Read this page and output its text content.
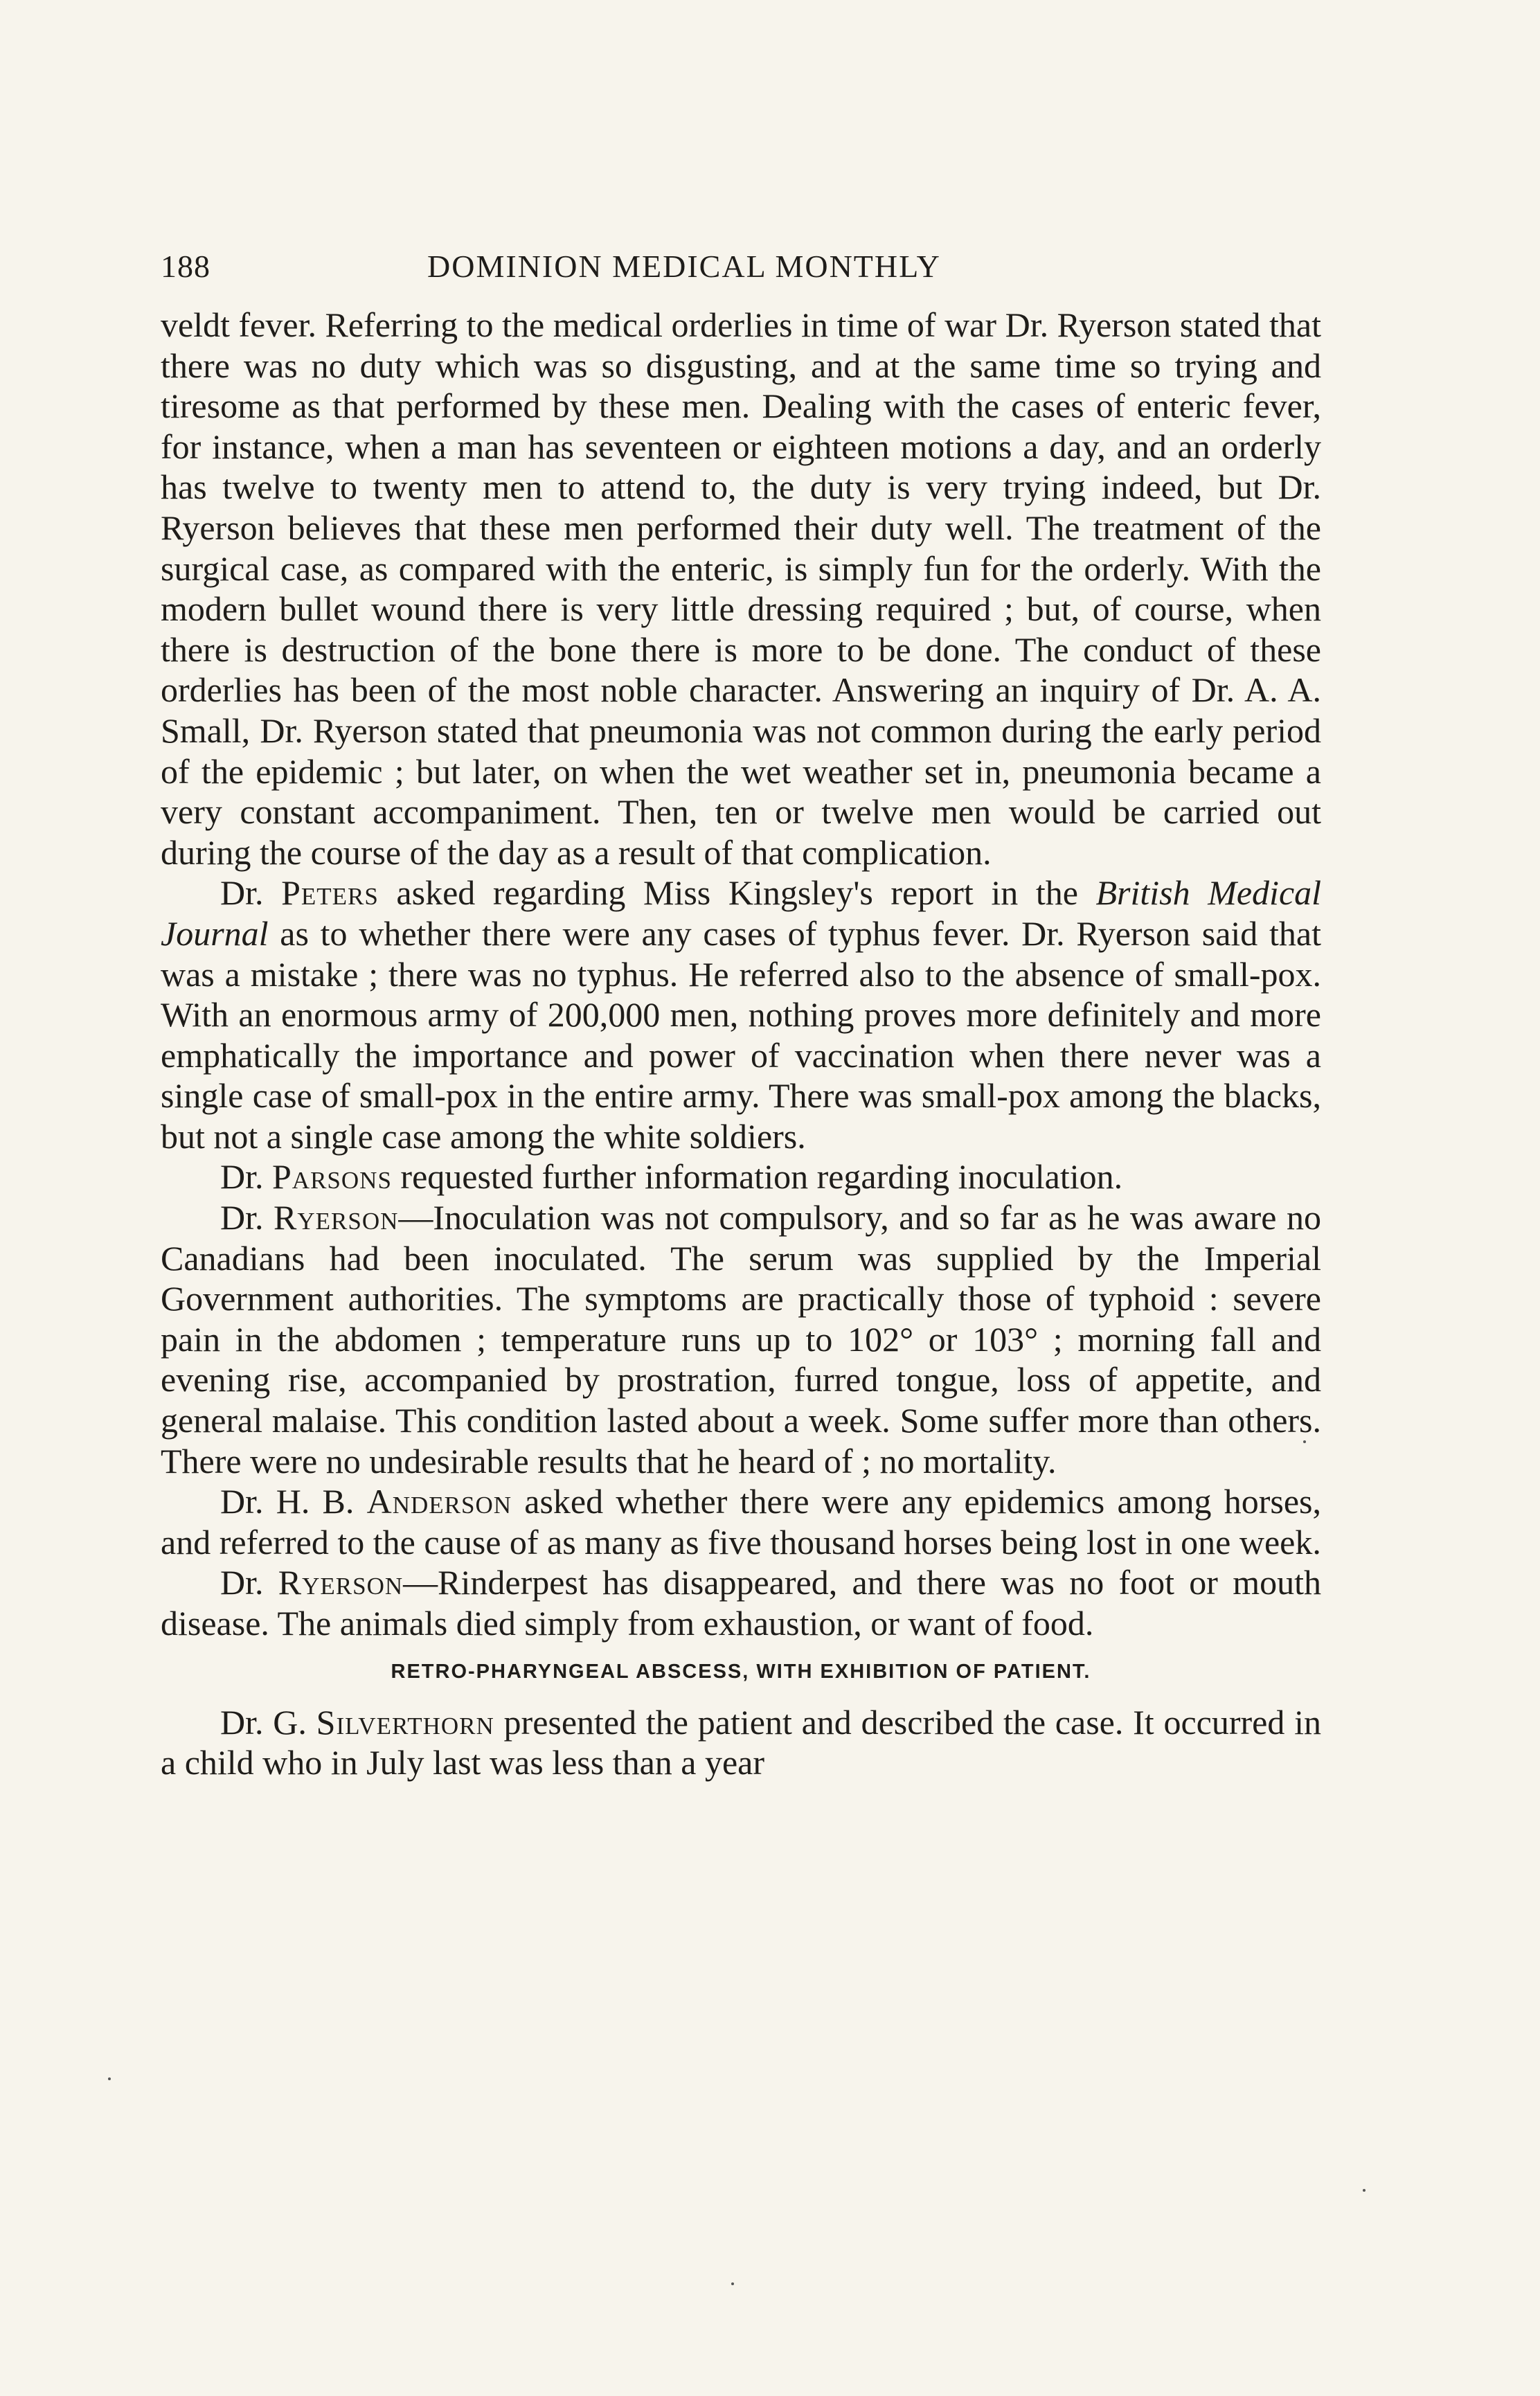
188	DOMINION MEDICAL MONTHLY

veldt fever. Referring to the medical orderlies in time of war Dr. Ryerson stated that there was no duty which was so disgusting, and at the same time so trying and tiresome as that performed by these men. Dealing with the cases of enteric fever, for instance, when a man has seventeen or eighteen motions a day, and an orderly has twelve to twenty men to attend to, the duty is very trying indeed, but Dr. Ryerson believes that these men performed their duty well. The treatment of the surgical case, as compared with the enteric, is simply fun for the orderly. With the modern bullet wound there is very little dressing required ; but, of course, when there is destruction of the bone there is more to be done. The conduct of these orderlies has been of the most noble character. Answering an inquiry of Dr. A. A. Small, Dr. Ryerson stated that pneumonia was not common during the early period of the epidemic ; but later, on when the wet weather set in, pneumonia became a very constant accompaniment. Then, ten or twelve men would be carried out during the course of the day as a result of that complication.

Dr. Peters asked regarding Miss Kingsley's report in the British Medical Journal as to whether there were any cases of typhus fever. Dr. Ryerson said that was a mistake ; there was no typhus. He referred also to the absence of small-pox. With an enormous army of 200,000 men, nothing proves more definitely and more emphatically the importance and power of vaccination when there never was a single case of small-pox in the entire army. There was small-pox among the blacks, but not a single case among the white soldiers.

Dr. Parsons requested further information regarding inoculation.

Dr. Ryerson—Inoculation was not compulsory, and so far as he was aware no Canadians had been inoculated. The serum was supplied by the Imperial Government authorities. The symptoms are practically those of typhoid : severe pain in the abdomen ; temperature runs up to 102° or 103° ; morning fall and evening rise, accompanied by prostration, furred tongue, loss of appetite, and general malaise. This condition lasted about a week. Some suffer more than others. There were no undesirable results that he heard of ; no mortality.

Dr. H. B. Anderson asked whether there were any epidemics among horses, and referred to the cause of as many as five thousand horses being lost in one week.

Dr. Ryerson—Rinderpest has disappeared, and there was no foot or mouth disease. The animals died simply from exhaustion, or want of food.

RETRO-PHARYNGEAL ABSCESS, WITH EXHIBITION OF PATIENT.

Dr. G. Silverthorn presented the patient and described the case. It occurred in a child who in July last was less than a year
